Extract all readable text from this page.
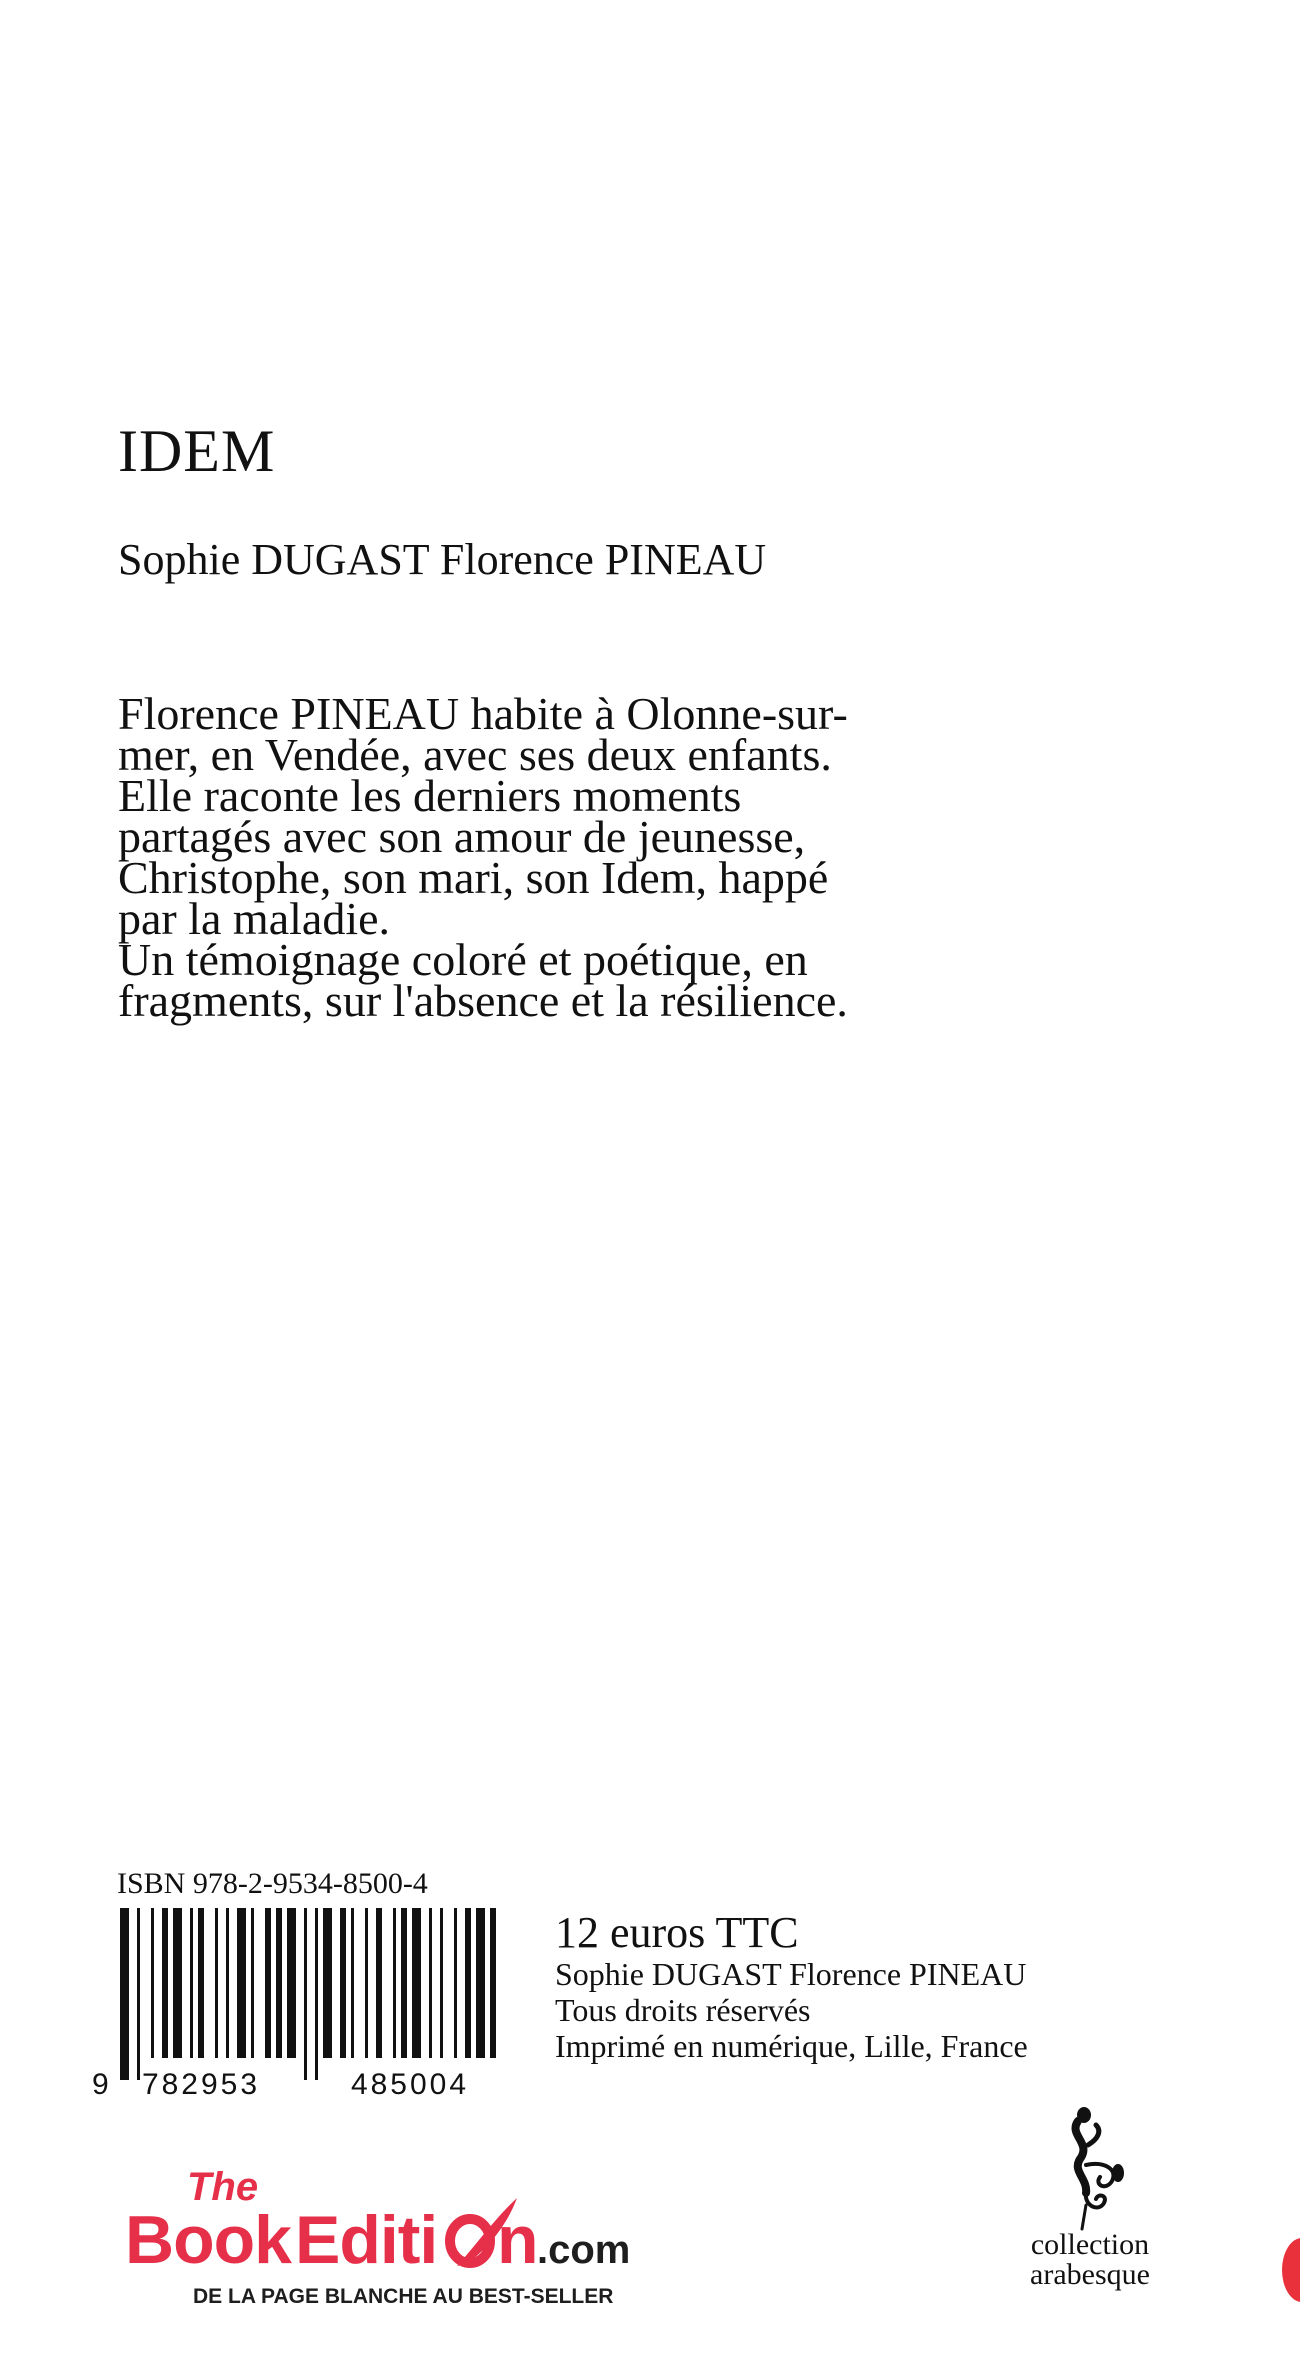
IDEM
Sophie DUGAST Florence PINEAU

Florence PINEAU habite à Olonne-sur-

mer, en Vendée, avec ses deux enfants.

Elle raconte les derniers moments

partagés avec son amour de jeunesse,

Christophe, son mari, son Idem, happé

par la maladie.

Un témoignage coloré et poétique, en

fragments, sur l'absence et la résilience.

ISBN 978-2-9534-8500-4
9 782953	485004
12 euros TTC
Sophie DUGAST Florence PINEAU
Tous droits réservés
Imprimé en numérique, Lille, France
The
Book Editi n
.com
DE LA PAGE BLANCHE AU BEST-SELLER
collection
arabesque
